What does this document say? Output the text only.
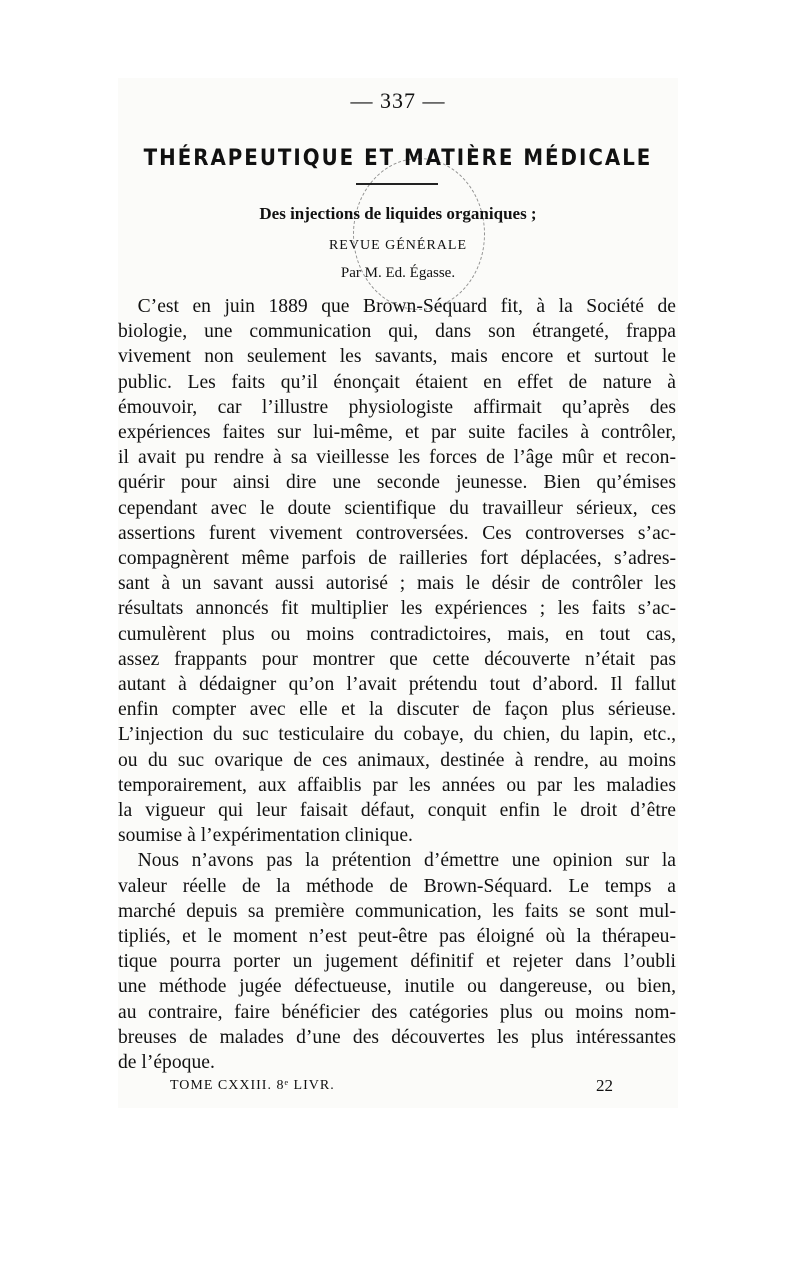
— 337 —
THÉRAPEUTIQUE ET MATIÈRE MÉDICALE
Des injections de liquides organiques ;
REVUE GÉNÉRALE
Par M. Ed. Égasse.
 C’est en juin 1889 que Brown-Séquard fit, à la Société de
biologie, une communication qui, dans son étrangeté, frappa
vivement non seulement les savants, mais encore et surtout le
public. Les faits qu’il énonçait étaient en effet de nature à
émouvoir, car l’illustre physiologiste affirmait qu’après des
expériences faites sur lui-même, et par suite faciles à contrôler,
il avait pu rendre à sa vieillesse les forces de l’âge mûr et recon-
quérir pour ainsi dire une seconde jeunesse. Bien qu’émises
cependant avec le doute scientifique du travailleur sérieux, ces
assertions furent vivement controversées. Ces controverses s’ac-
compagnèrent même parfois de railleries fort déplacées, s’adres-
sant à un savant aussi autorisé ; mais le désir de contrôler les
résultats annoncés fit multiplier les expériences ; les faits s’ac-
cumulèrent plus ou moins contradictoires, mais, en tout cas,
assez frappants pour montrer que cette découverte n’était pas
autant à dédaigner qu’on l’avait prétendu tout d’abord. Il fallut
enfin compter avec elle et la discuter de façon plus sérieuse.
L’injection du suc testiculaire du cobaye, du chien, du lapin, etc.,
ou du suc ovarique de ces animaux, destinée à rendre, au moins
temporairement, aux affaiblis par les années ou par les maladies
la vigueur qui leur faisait défaut, conquit enfin le droit d’être
soumise à l’expérimentation clinique.
 Nous n’avons pas la prétention d’émettre une opinion sur la
valeur réelle de la méthode de Brown-Séquard. Le temps a
marché depuis sa première communication, les faits se sont mul-
tipliés, et le moment n’est peut-être pas éloigné où la thérapeu-
tique pourra porter un jugement définitif et rejeter dans l’oubli
une méthode jugée défectueuse, inutile ou dangereuse, ou bien,
au contraire, faire bénéficier des catégories plus ou moins nom-
breuses de malades d’une des découvertes les plus intéressantes
de l’époque.
TOME CXXIII. 8ᵉ LIVR.	22
